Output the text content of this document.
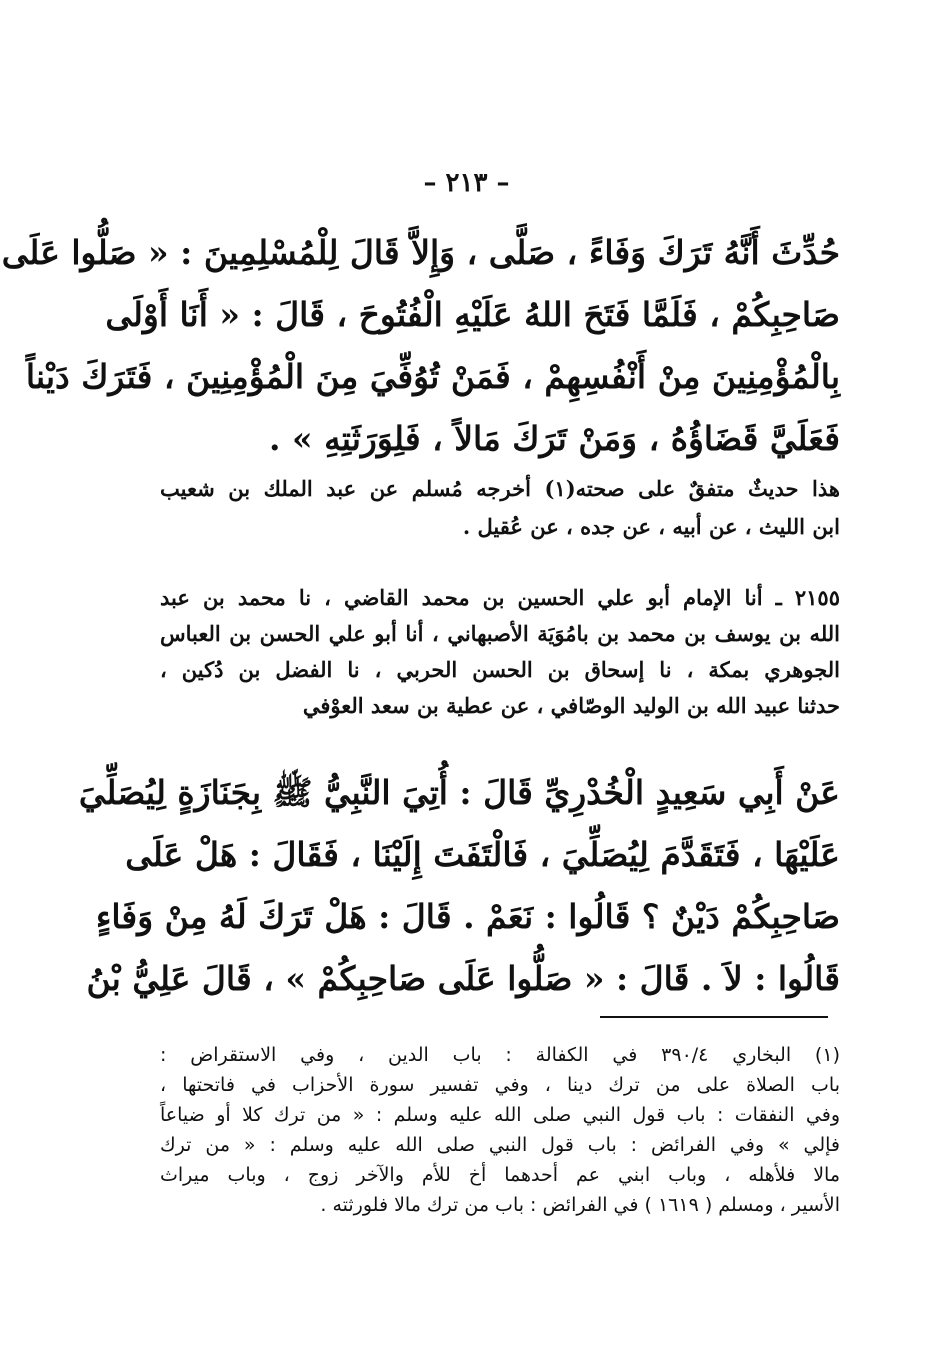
– ٢١٣ –
حُدِّثَ أَنَّهُ تَرَكَ وَفَاءً ، صَلَّى ، وَإِلاَّ قَالَ لِلْمُسْلِمِينَ : « صَلُّوا عَلَى
صَاحِبِكُمْ ، فَلَمَّا فَتَحَ اللهُ عَلَيْهِ الْفُتُوحَ ، قَالَ : « أَنَا أَوْلَى
بِالْمُؤْمِنِينَ مِنْ أَنْفُسِهِمْ ، فَمَنْ تُوُفِّيَ مِنَ الْمُؤْمِنِينَ ، فَتَرَكَ دَيْناً
فَعَلَيَّ قَضَاؤُهُ ، وَمَنْ تَرَكَ مَالاً ، فَلِوَرَثَتِهِ » .
هذا حديثٌ متفقٌ على صحته(١) أخرجه مُسلم عن عبد الملك بن شعيب
ابن الليث ، عن أبيه ، عن جده ، عن عُقيل .
٢١٥٥ ـ أنا الإمام أبو علي الحسين بن محمد القاضي ، نا محمد بن عبد
الله بن يوسف بن محمد بن بامُوَيَة الأصبهاني ، أنا أبو علي الحسن بن العباس
الجوهري بمكة ، نا إسحاق بن الحسن الحربي ، نا الفضل بن دُكين ،
حدثنا عبيد الله بن الوليد الوصّافي ، عن عطية بن سعد العوْفي
عَنْ أَبِي سَعِيدٍ الْخُدْرِيِّ قَالَ : أُتِيَ النَّبِيُّ ﷺ بِجَنَازَةٍ لِيُصَلِّيَ
عَلَيْهَا ، فَتَقَدَّمَ لِيُصَلِّيَ ، فَالْتَفَتَ إِلَيْنَا ، فَقَالَ : هَلْ عَلَى
صَاحِبِكُمْ دَيْنٌ ؟ قَالُوا : نَعَمْ . قَالَ : هَلْ تَرَكَ لَهُ مِنْ وَفَاءٍ
قَالُوا : لاَ . قَالَ : « صَلُّوا عَلَى صَاحِبِكُمْ » ، قَالَ عَلِيُّ بْنُ
(١) البخاري ٣٩٠/٤ في الكفالة : باب الدين ، وفي الاستقراض :
باب الصلاة على من ترك دينا ، وفي تفسير سورة الأحزاب في فاتحتها ،
وفي النفقات : باب قول النبي صلى الله عليه وسلم : « من ترك كلا أو ضياعاً
فإلي » وفي الفرائض : باب قول النبي صلى الله عليه وسلم : « من ترك
مالا فلأهله ، وباب ابني عم أحدهما أخ للأم والآخر زوج ، وباب ميراث
الأسير ، ومسلم ( ١٦١٩ ) في الفرائض : باب من ترك مالا فلورثته .
